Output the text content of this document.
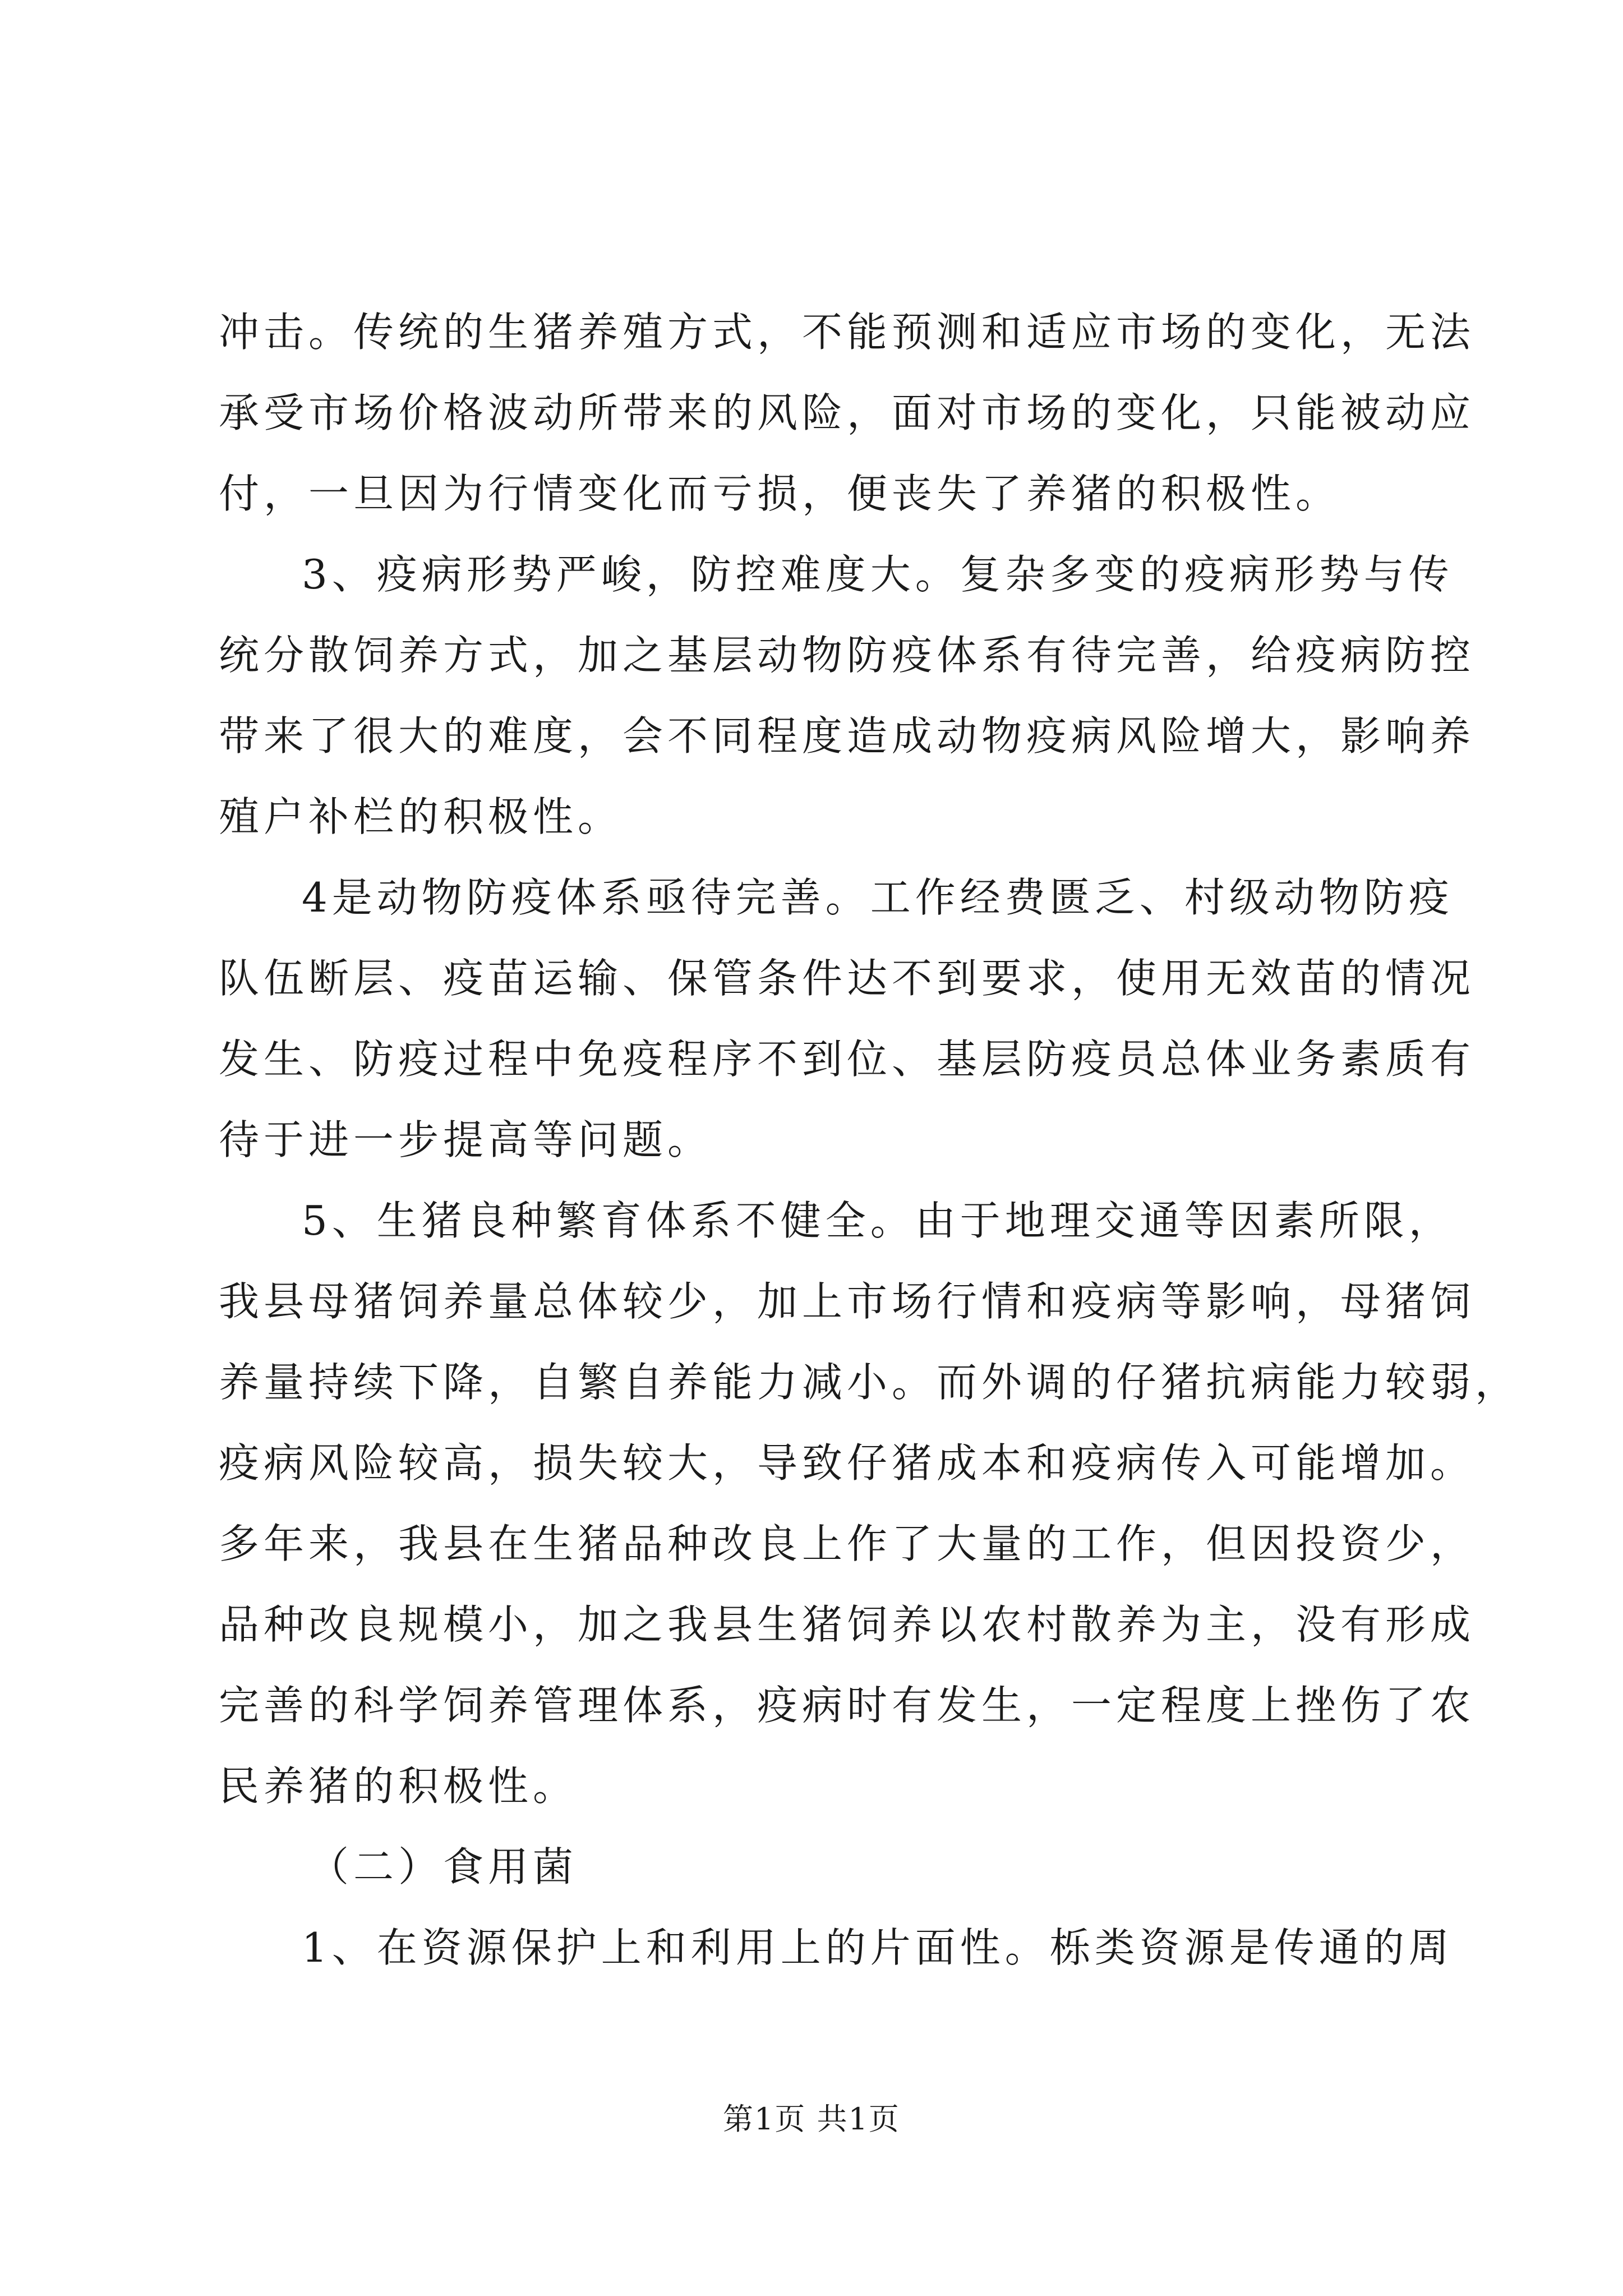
冲击。传统的生猪养殖方式，不能预测和适应市场的变化，无法
承受市场价格波动所带来的风险，面对市场的变化，只能被动应
付，一旦因为行情变化而亏损，便丧失了养猪的积极性。
3、疫病形势严峻，防控难度大。复杂多变的疫病形势与传
统分散饲养方式，加之基层动物防疫体系有待完善，给疫病防控
带来了很大的难度，会不同程度造成动物疫病风险增大，影响养
殖户补栏的积极性。
4是动物防疫体系亟待完善。工作经费匮乏、村级动物防疫
队伍断层、疫苗运输、保管条件达不到要求，使用无效苗的情况
发生、防疫过程中免疫程序不到位、基层防疫员总体业务素质有
待于进一步提高等问题。
5、生猪良种繁育体系不健全。由于地理交通等因素所限，
我县母猪饲养量总体较少，加上市场行情和疫病等影响，母猪饲
养量持续下降，自繁自养能力减小。而外调的仔猪抗病能力较弱，
疫病风险较高，损失较大，导致仔猪成本和疫病传入可能增加。
多年来，我县在生猪品种改良上作了大量的工作，但因投资少，
品种改良规模小，加之我县生猪饲养以农村散养为主，没有形成
完善的科学饲养管理体系，疫病时有发生，一定程度上挫伤了农
民养猪的积极性。
（二）食用菌
1、在资源保护上和利用上的片面性。栎类资源是传通的周
第1页 共1页
